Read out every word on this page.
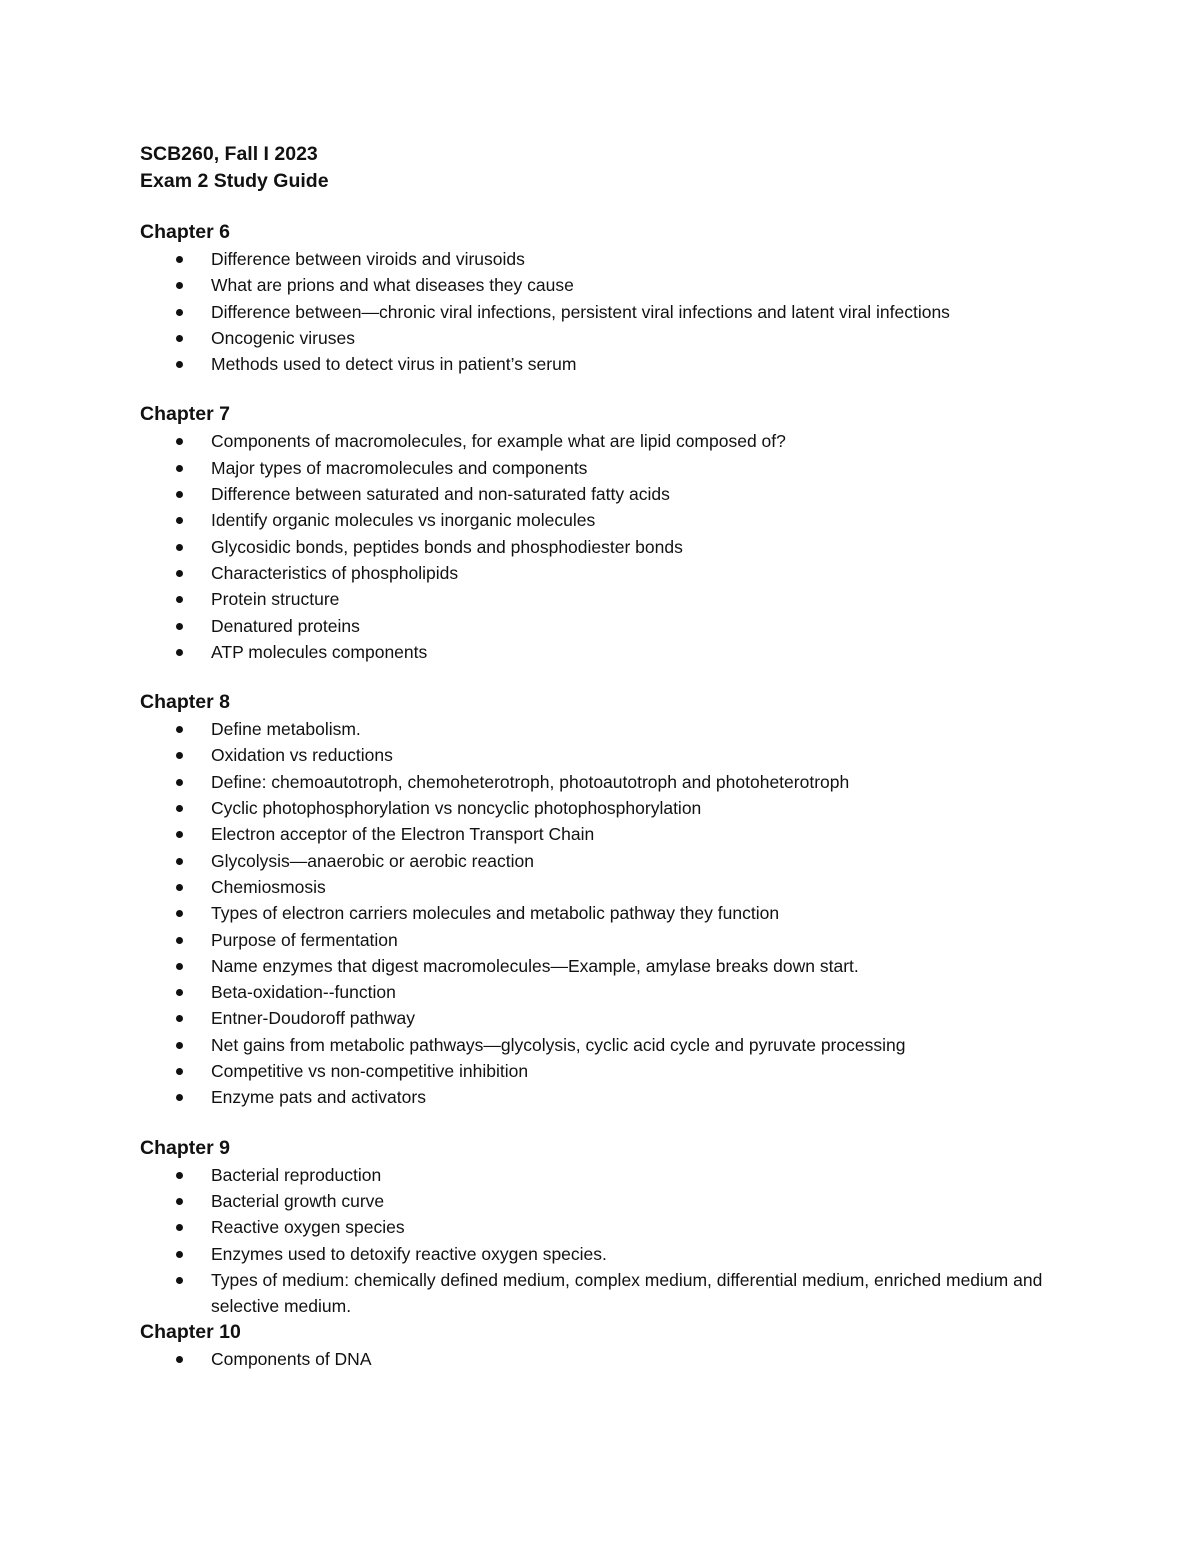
SCB260, Fall I 2023

Exam 2 Study Guide

Chapter 6

Difference between viroids and virusoids
What are prions and what diseases they cause
Difference between—chronic viral infections, persistent viral infections and latent viral infections
Oncogenic viruses
Methods used to detect virus in patient’s serum

Chapter 7

Components of macromolecules, for example what are lipid composed of?
Major types of macromolecules and components
Difference between saturated and non-saturated fatty acids
Identify organic molecules vs inorganic molecules
Glycosidic bonds, peptides bonds and phosphodiester bonds
Characteristics of phospholipids
Protein structure
Denatured proteins
ATP molecules components

Chapter 8

Define metabolism.
Oxidation vs reductions
Define: chemoautotroph, chemoheterotroph, photoautotroph and photoheterotroph
Cyclic photophosphorylation vs noncyclic photophosphorylation
Electron acceptor of the Electron Transport Chain
Glycolysis—anaerobic or aerobic reaction
Chemiosmosis
Types of electron carriers molecules and metabolic pathway they function
Purpose of fermentation
Name enzymes that digest macromolecules—Example, amylase breaks down start.
Beta-oxidation--function
Entner-Doudoroff pathway
Net gains from metabolic pathways—glycolysis, cyclic acid cycle and pyruvate processing
Competitive vs non-competitive inhibition
Enzyme pats and activators

Chapter 9

Bacterial reproduction
Bacterial growth curve
Reactive oxygen species
Enzymes used to detoxify reactive oxygen species.
Types of medium: chemically defined medium, complex medium, differential medium, enriched medium and selective medium.

Chapter 10

Components of DNA
